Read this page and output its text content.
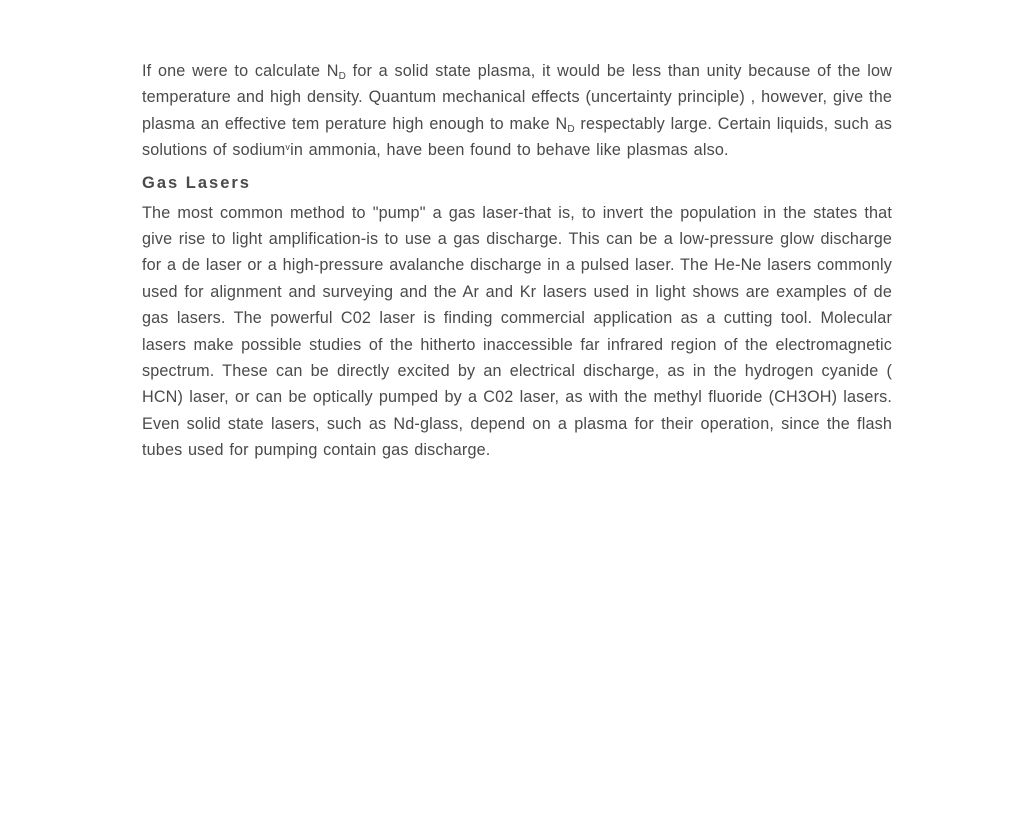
If one were to calculate $N_D$ for a solid state plasma, it would be less than unity because of the low temperature and high density. Quantum mechanical effects (uncertainty principle) , however, give the plasma an effective tem perature high enough to make $N_D$ respectably large. Certain liquids, such as solutions of sodium$^v$in ammonia, have been found to behave like plasmas also.

Gas Lasers

The most common method to "pump" a gas laser-that is, to invert the population in the states that give rise to light amplification-is to use a gas discharge. This can be a low-pressure glow discharge for a de laser or a high-pressure avalanche discharge in a pulsed laser. The He-Ne lasers commonly used for alignment and surveying and the Ar and Kr lasers used in light shows are examples of de gas lasers. The powerful C02 laser is finding commercial application as a cutting tool. Molecular lasers make possible studies of the hitherto inaccessible far infrared region of the electromagnetic spectrum. These can be directly excited by an electrical discharge, as in the hydrogen cyanide ( HCN) laser, or can be optically pumped by a C02 laser, as with the methyl fluoride (CH3OH) lasers. Even solid state lasers, such as Nd-glass, depend on a plasma for their operation, since the flash tubes used for pumping contain gas discharge.
